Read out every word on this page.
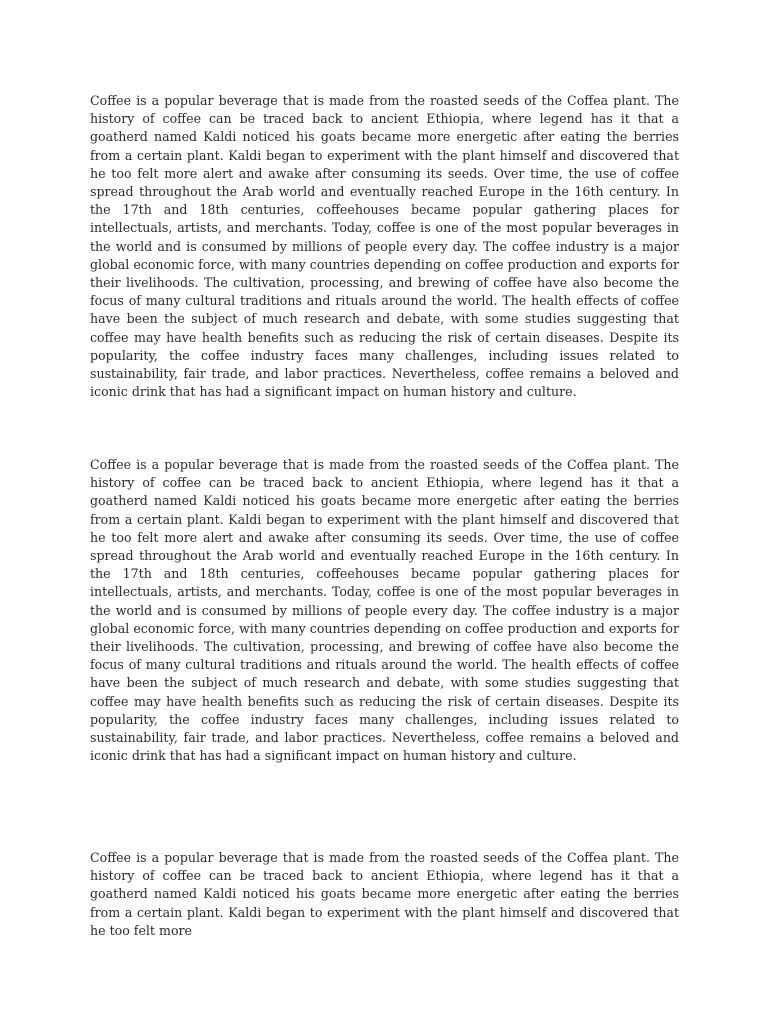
Coffee is a popular beverage that is made from the roasted seeds of the Coffea plant. The history of coffee can be traced back to ancient Ethiopia, where legend has it that a goatherd named Kaldi noticed his goats became more energetic after eating the berries from a certain plant. Kaldi began to experiment with the plant himself and discovered that he too felt more alert and awake after consuming its seeds. Over time, the use of coffee spread throughout the Arab world and eventually reached Europe in the 16th century. In the 17th and 18th centuries, coffeehouses became popular gathering places for intellectuals, artists, and merchants. Today, coffee is one of the most popular beverages in the world and is consumed by millions of people every day. The coffee industry is a major global economic force, with many countries depending on coffee production and exports for their livelihoods. The cultivation, processing, and brewing of coffee have also become the focus of many cultural traditions and rituals around the world. The health effects of coffee have been the subject of much research and debate, with some studies suggesting that coffee may have health benefits such as reducing the risk of certain diseases. Despite its popularity, the coffee industry faces many challenges, including issues related to sustainability, fair trade, and labor practices. Nevertheless, coffee remains a beloved and iconic drink that has had a significant impact on human history and culture.

Coffee is a popular beverage that is made from the roasted seeds of the Coffea plant. The history of coffee can be traced back to ancient Ethiopia, where legend has it that a goatherd named Kaldi noticed his goats became more energetic after eating the berries from a certain plant. Kaldi began to experiment with the plant himself and discovered that he too felt more alert and awake after consuming its seeds. Over time, the use of coffee spread throughout the Arab world and eventually reached Europe in the 16th century. In the 17th and 18th centuries, coffeehouses became popular gathering places for intellectuals, artists, and merchants. Today, coffee is one of the most popular beverages in the world and is consumed by millions of people every day. The coffee industry is a major global economic force, with many countries depending on coffee production and exports for their livelihoods. The cultivation, processing, and brewing of coffee have also become the focus of many cultural traditions and rituals around the world. The health effects of coffee have been the subject of much research and debate, with some studies suggesting that coffee may have health benefits such as reducing the risk of certain diseases. Despite its popularity, the coffee industry faces many challenges, including issues related to sustainability, fair trade, and labor practices. Nevertheless, coffee remains a beloved and iconic drink that has had a significant impact on human history and culture.

Coffee is a popular beverage that is made from the roasted seeds of the Coffea plant. The history of coffee can be traced back to ancient Ethiopia, where legend has it that a goatherd named Kaldi noticed his goats became more energetic after eating the berries from a certain plant. Kaldi began to experiment with the plant himself and discovered that he too felt more
